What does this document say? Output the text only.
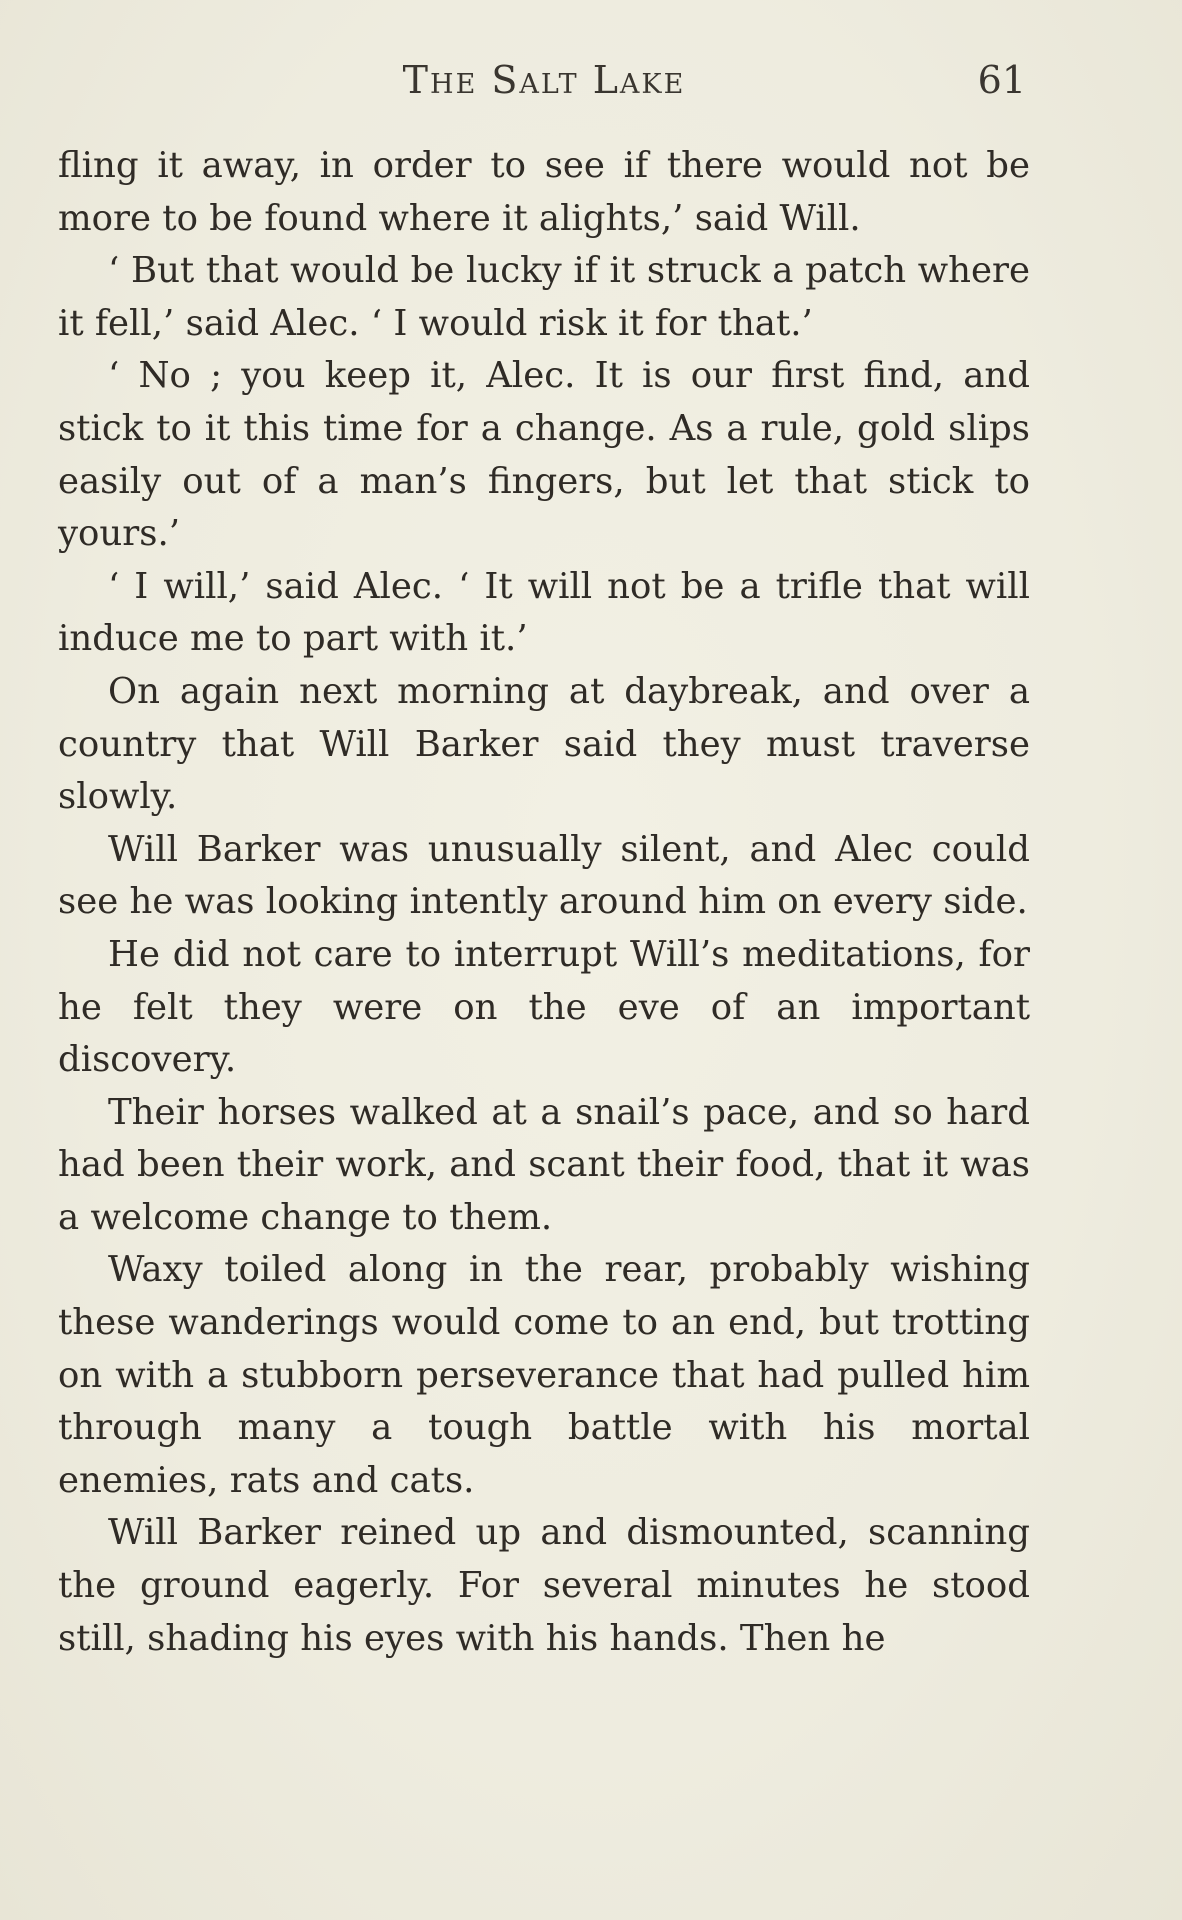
The Salt Lake	61

fling it away, in order to see if there would not be more to be found where it alights,’ said Will.

‘ But that would be lucky if it struck a patch where it fell,’ said Alec. ‘ I would risk it for that.’

‘ No ; you keep it, Alec. It is our first find, and stick to it this time for a change. As a rule, gold slips easily out of a man’s fingers, but let that stick to yours.’

‘ I will,’ said Alec. ‘ It will not be a trifle that will induce me to part with it.’

On again next morning at daybreak, and over a country that Will Barker said they must traverse slowly.

Will Barker was unusually silent, and Alec could see he was looking intently around him on every side.

He did not care to interrupt Will’s meditations, for he felt they were on the eve of an important discovery.

Their horses walked at a snail’s pace, and so hard had been their work, and scant their food, that it was a welcome change to them.

Waxy toiled along in the rear, probably wishing these wanderings would come to an end, but trotting on with a stubborn perseverance that had pulled him through many a tough battle with his mortal enemies, rats and cats.

Will Barker reined up and dismounted, scanning the ground eagerly. For several minutes he stood still, shading his eyes with his hands. Then he
